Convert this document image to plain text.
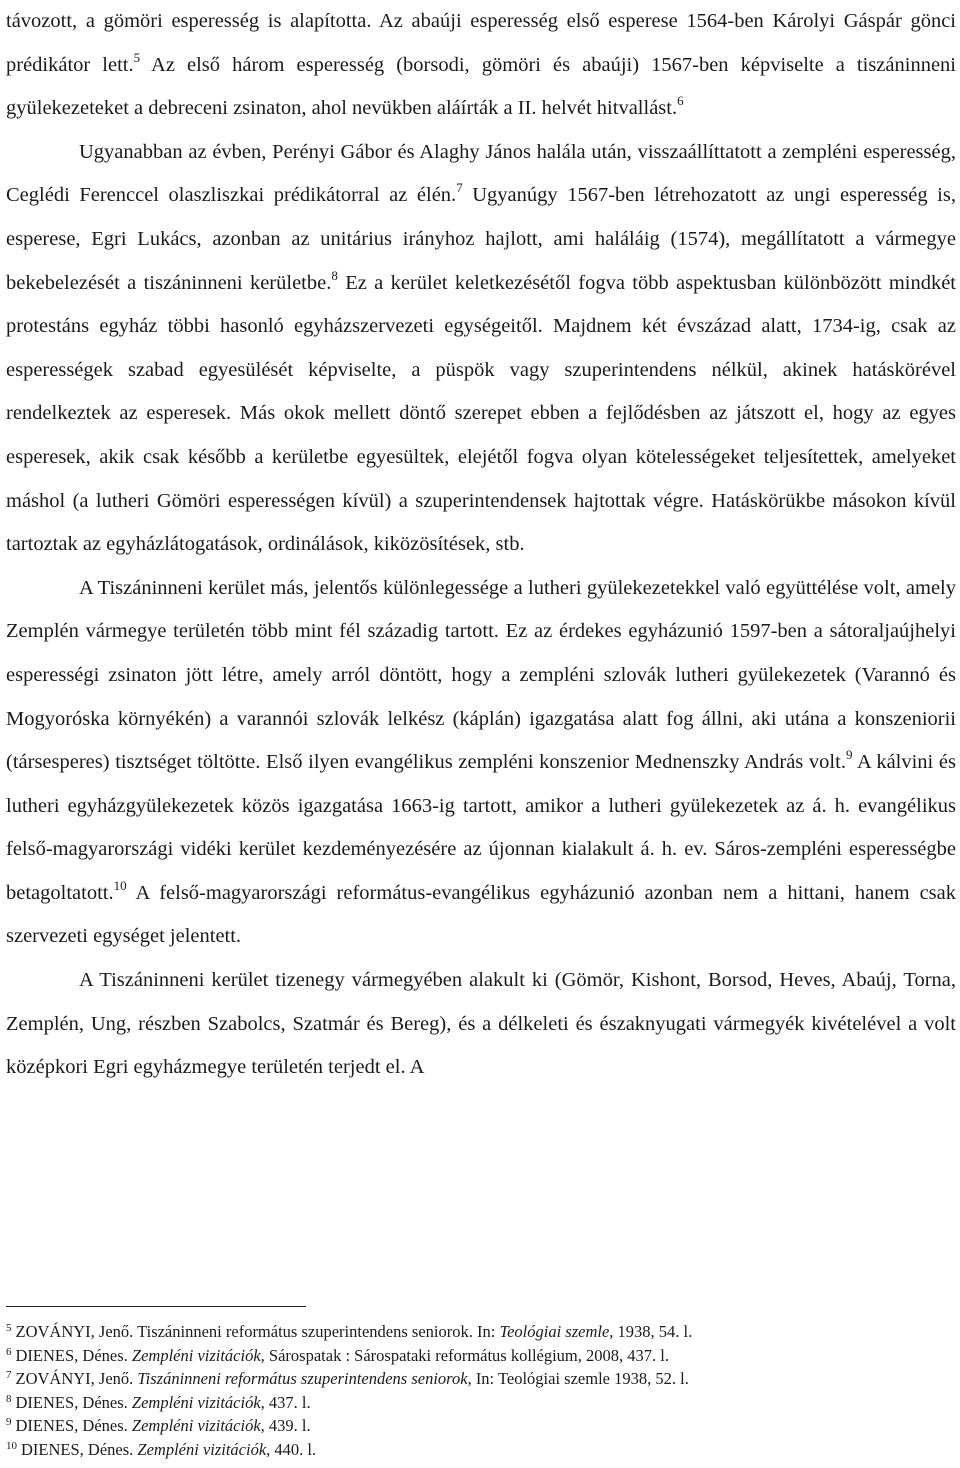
távozott, a gömöri esperesség is alapította. Az abaúji esperesség első esperese 1564-ben Károlyi Gáspár gönci prédikátor lett.$^5$ Az első három esperesség (borsodi, gömöri és abaúji) 1567-ben képviselte a tiszáninneni gyülekezeteket a debreceni zsinaton, ahol nevükben aláírták a II. helvét hitvallást.$^6$

Ugyanabban az évben, Perényi Gábor és Alaghy János halála után, visszaállíttatott a zempléni esperesség, Ceglédi Ferenccel olaszliszkai prédikátorral az élén.$^7$ Ugyanúgy 1567-ben létrehozatott az ungi esperesség is, esperese, Egri Lukács, azonban az unitárius irányhoz hajlott, ami haláláig (1574), megállítatott a vármegye bekebelezését a tiszáninneni kerületbe.$^8$ Ez a kerület keletkezésétől fogva több aspektusban különbözött mindkét protestáns egyház többi hasonló egyházszervezeti egységeitől. Majdnem két évszázad alatt, 1734-ig, csak az esperességek szabad egyesülését képviselte, a püspök vagy szuperintendens nélkül, akinek hatáskörével rendelkeztek az esperesek. Más okok mellett döntő szerepet ebben a fejlődésben az játszott el, hogy az egyes esperesek, akik csak később a kerületbe egyesültek, elejétől fogva olyan kötelességeket teljesítettek, amelyeket máshol (a lutheri Gömöri esperességen kívül) a szuperintendensek hajtottak végre. Hatáskörükbe másokon kívül tartoztak az egyházlátogatások, ordinálások, kiközösítések, stb.

A Tiszáninneni kerület más, jelentős különlegessége a lutheri gyülekezetekkel való együttélése volt, amely Zemplén vármegye területén több mint fél századig tartott. Ez az érdekes egyházunió 1597-ben a sátoraljaújhelyi esperességi zsinaton jött létre, amely arról döntött, hogy a zempléni szlovák lutheri gyülekezetek (Varannó és Mogyoróska környékén) a varannói szlovák lelkész (káplán) igazgatása alatt fog állni, aki utána a konszeniorii (társesperes) tisztséget töltötte. Első ilyen evangélikus zempléni konszenior Mednenszky András volt.$^9$ A kálvini és lutheri egyházgyülekezetek közös igazgatása 1663-ig tartott, amikor a lutheri gyülekezetek az á. h. evangélikus felső-magyarországi vidéki kerület kezdeményezésére az újonnan kialakult á. h. ev. Sáros-zempléni esperességbe betagoltatott.$^{10}$ A felső-magyarországi református-evangélikus egyházunió azonban nem a hittani, hanem csak szervezeti egységet jelentett.

A Tiszáninneni kerület tizenegy vármegyében alakult ki (Gömör, Kishont, Borsod, Heves, Abaúj, Torna, Zemplén, Ung, részben Szabolcs, Szatmár és Bereg), és a délkeleti és északnyugati vármegyék kivételével a volt középkori Egri egyházmegye területén terjedt el. A

$^5$ ZOVÁNYI, Jenő. Tiszáninneni református szuperintendens seniorok. In: Teológiai szemle, 1938, 54. l.

$^6$ DIENES, Dénes. Zempléni vizitációk, Sárospatak : Sárospataki református kollégium, 2008, 437. l.

$^7$ ZOVÁNYI, Jenő. Tiszáninneni református szuperintendens seniorok, In: Teológiai szemle 1938, 52. l.

$^8$ DIENES, Dénes. Zempléni vizitációk, 437. l.

$^9$ DIENES, Dénes. Zempléni vizitációk, 439. l.

$^{10}$ DIENES, Dénes. Zempléni vizitációk, 440. l.
